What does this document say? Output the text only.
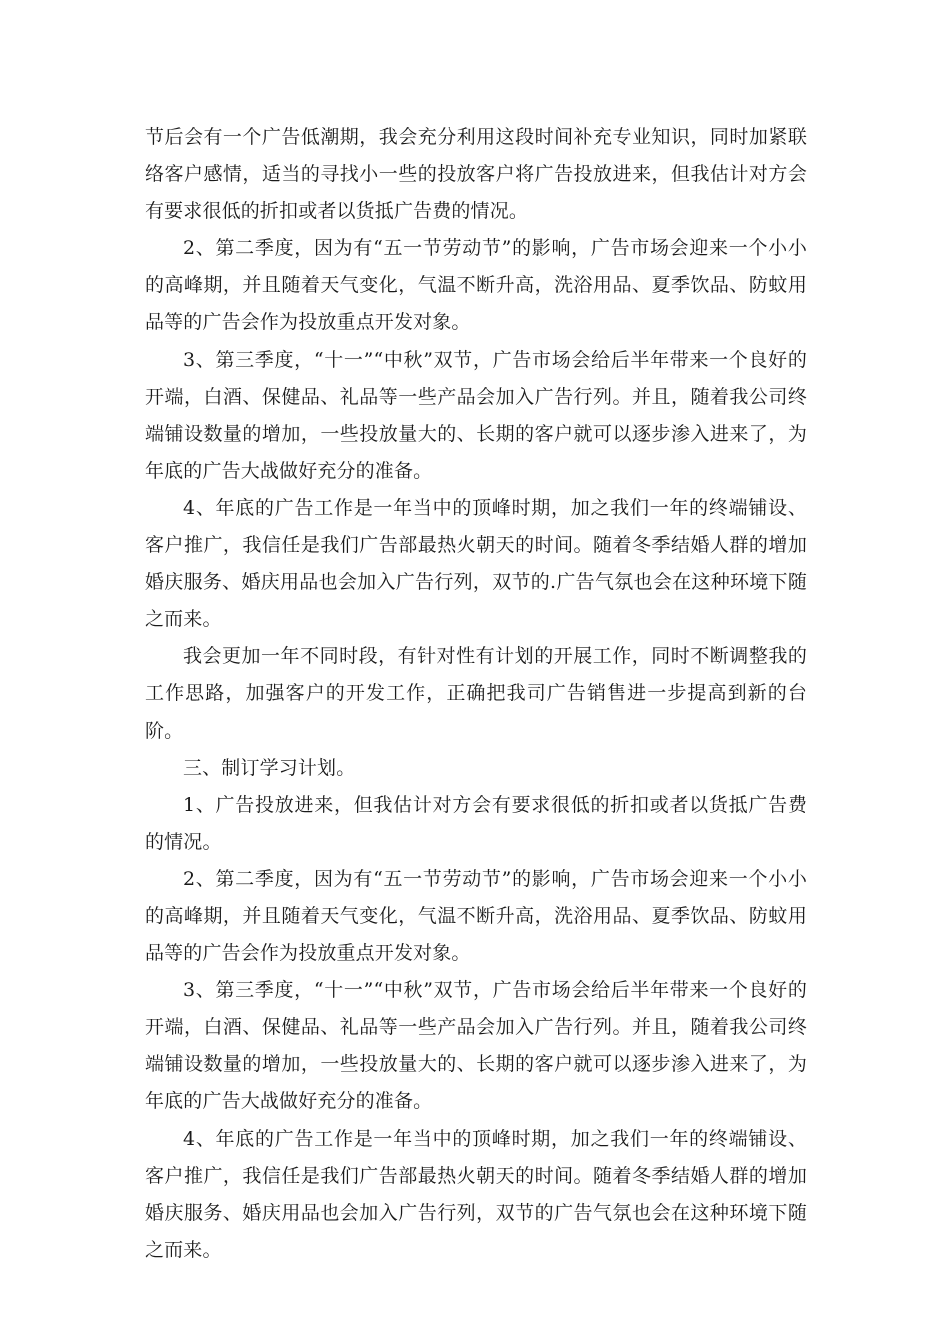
节后会有一个广告低潮期，我会充分利用这段时间补充专业知识，同时加紧联络客户感情，适当的寻找小一些的投放客户将广告投放进来，但我估计对方会有要求很低的折扣或者以货抵广告费的情况。

2、第二季度，因为有“五一节劳动节”的影响，广告市场会迎来一个小小的高峰期，并且随着天气变化，气温不断升高，洗浴用品、夏季饮品、防蚊用品等的广告会作为投放重点开发对象。

3、第三季度，“十一”“中秋”双节，广告市场会给后半年带来一个良好的开端，白酒、保健品、礼品等一些产品会加入广告行列。并且，随着我公司终端铺设数量的增加，一些投放量大的、长期的客户就可以逐步渗入进来了，为年底的广告大战做好充分的准备。

4、年底的广告工作是一年当中的顶峰时期，加之我们一年的终端铺设、客户推广，我信任是我们广告部最热火朝天的时间。随着冬季结婚人群的增加婚庆服务、婚庆用品也会加入广告行列，双节的.广告气氛也会在这种环境下随之而来。

我会更加一年不同时段，有针对性有计划的开展工作，同时不断调整我的工作思路，加强客户的开发工作，正确把我司广告销售进一步提高到新的台阶。

三、制订学习计划。

1、广告投放进来，但我估计对方会有要求很低的折扣或者以货抵广告费的情况。

2、第二季度，因为有“五一节劳动节”的影响，广告市场会迎来一个小小的高峰期，并且随着天气变化，气温不断升高，洗浴用品、夏季饮品、防蚊用品等的广告会作为投放重点开发对象。

3、第三季度，“十一”“中秋”双节，广告市场会给后半年带来一个良好的开端，白酒、保健品、礼品等一些产品会加入广告行列。并且，随着我公司终端铺设数量的增加，一些投放量大的、长期的客户就可以逐步渗入进来了，为年底的广告大战做好充分的准备。

4、年底的广告工作是一年当中的顶峰时期，加之我们一年的终端铺设、客户推广，我信任是我们广告部最热火朝天的时间。随着冬季结婚人群的增加婚庆服务、婚庆用品也会加入广告行列，双节的广告气氛也会在这种环境下随之而来。
